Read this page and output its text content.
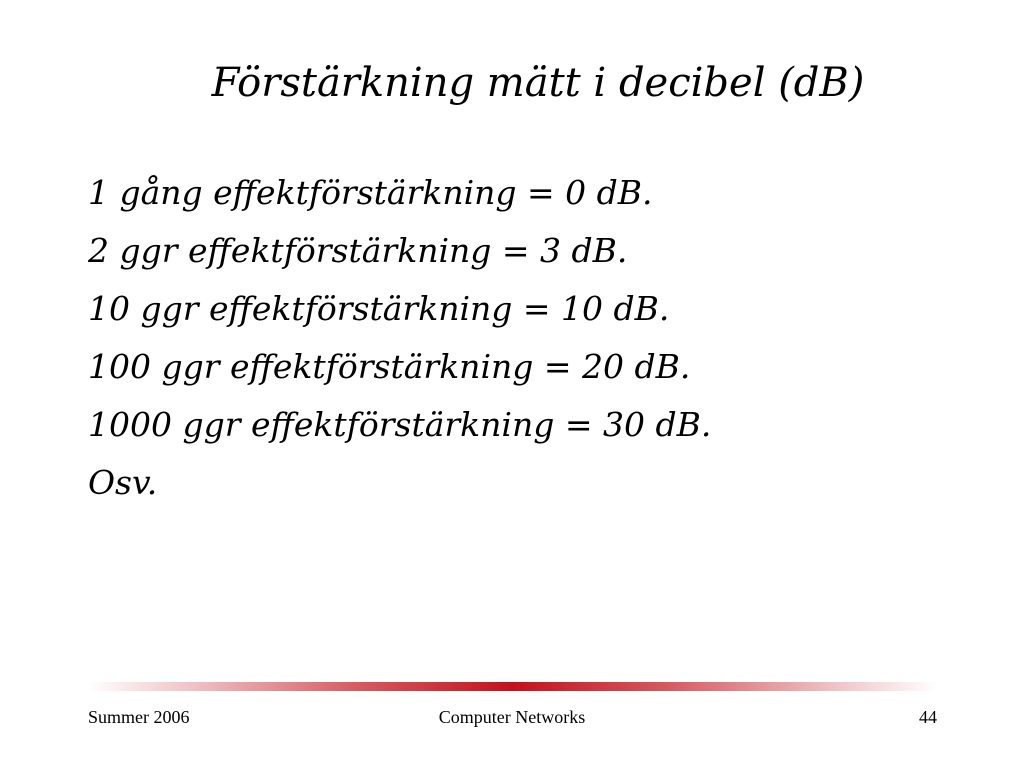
Förstärkning mätt i decibel (dB)
1 gång effektförstärkning = 0 dB.
2 ggr effektförstärkning = 3 dB.
10 ggr effektförstärkning = 10 dB.
100 ggr effektförstärkning = 20 dB.
1000 ggr effektförstärkning = 30 dB.
Osv.
Summer 2006	Computer Networks	44
